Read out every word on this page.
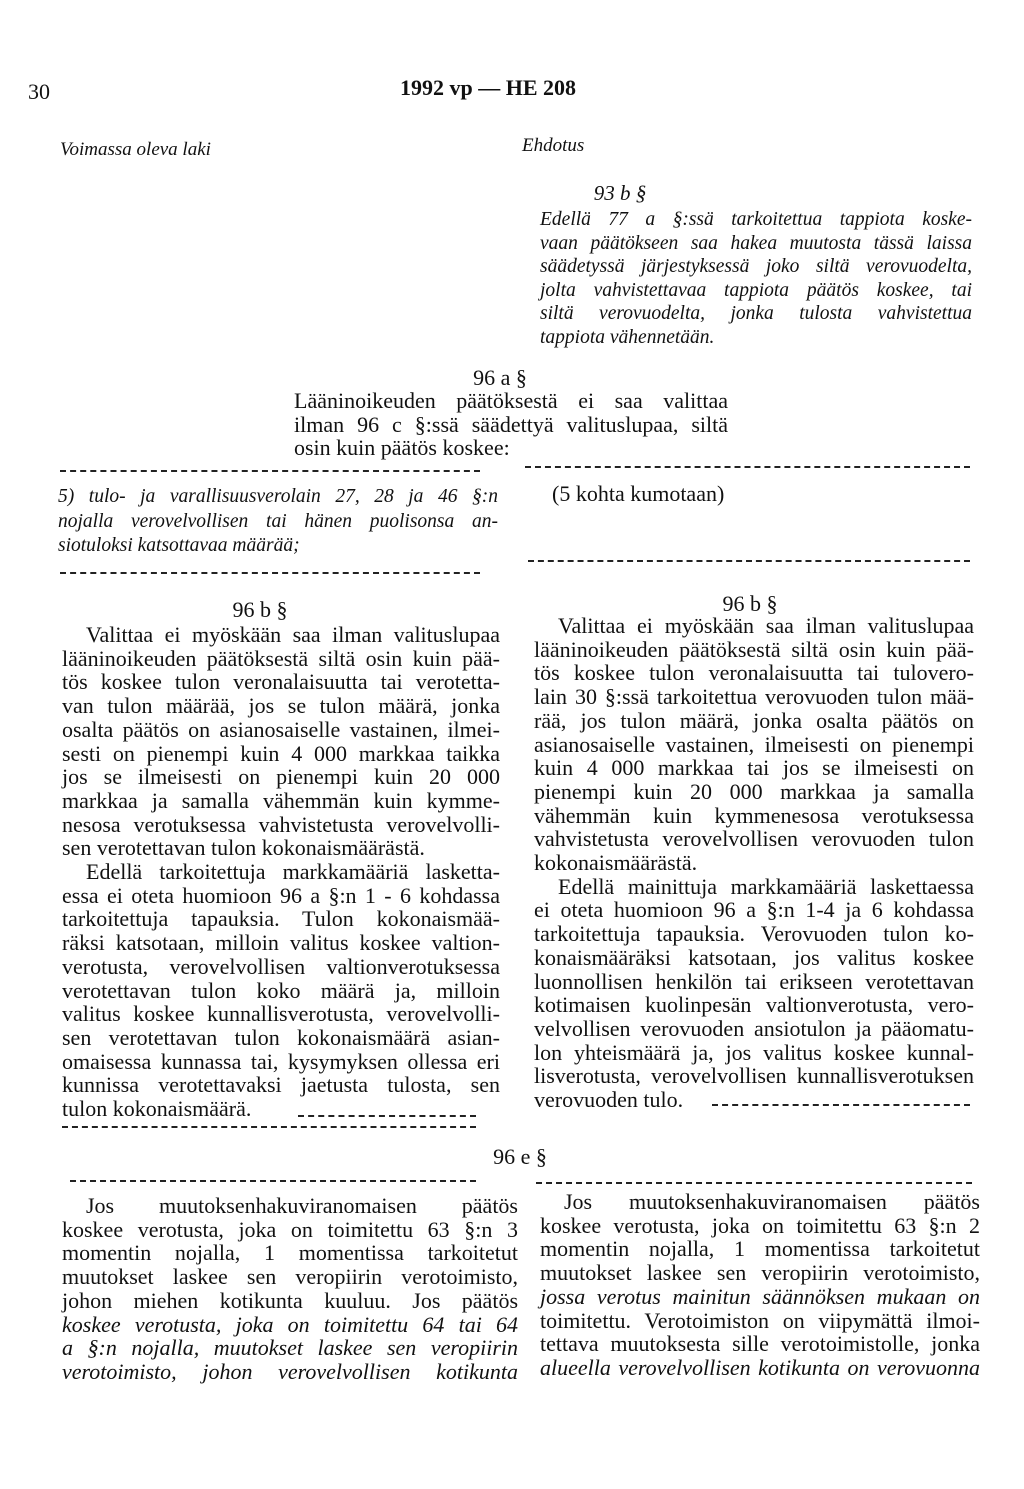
30	1992 vp — HE 208
Voimassa oleva laki	Ehdotus
93 b §
Edellä 77 a §:ssä tarkoitettua tappiota koske-
vaan päätökseen saa hakea muutosta tässä laissa
säädetyssä järjestyksessä joko siltä verovuodelta,
jolta vahvistettavaa tappiota päätös koskee, tai
siltä verovuodelta, jonka tulosta vahvistettua
tappiota vähennetään.
96 a §
Lääninoikeuden päätöksestä ei saa valittaa
ilman 96 c §:ssä säädettyä valituslupaa, siltä
osin kuin päätös koskee:
5) tulo- ja varallisuusverolain 27, 28 ja 46 §:n
nojalla verovelvollisen tai hänen puolisonsa an-
siotuloksi katsottavaa määrää;
(5 kohta kumotaan)
96 b §
Valittaa ei myöskään saa ilman valituslupaa
lääninoikeuden päätöksestä siltä osin kuin pää-
tös koskee tulon veronalaisuutta tai verotetta-
van tulon määrää, jos se tulon määrä, jonka
osalta päätös on asianosaiselle vastainen, ilmei-
sesti on pienempi kuin 4 000 markkaa taikka
jos se ilmeisesti on pienempi kuin 20 000
markkaa ja samalla vähemmän kuin kymme-
nesosa verotuksessa vahvistetusta verovelvolli-
sen verotettavan tulon kokonaismäärästä.
Edellä tarkoitettuja markkamääriä lasketta-
essa ei oteta huomioon 96 a §:n 1 - 6 kohdassa
tarkoitettuja tapauksia. Tulon kokonaismää-
räksi katsotaan, milloin valitus koskee valtion-
verotusta, verovelvollisen valtionverotuksessa
verotettavan tulon koko määrä ja, milloin
valitus koskee kunnallisverotusta, verovelvolli-
sen verotettavan tulon kokonaismäärä asian-
omaisessa kunnassa tai, kysymyksen ollessa eri
kunnissa verotettavaksi jaetusta tulosta, sen
tulon kokonaismäärä.
96 b §
Valittaa ei myöskään saa ilman valituslupaa
lääninoikeuden päätöksestä siltä osin kuin pää-
tös koskee tulon veronalaisuutta tai tuloverо-
lain 30 §:ssä tarkoitettua verovuoden tulon mää-
rää, jos tulon määrä, jonka osalta päätös on
asianosaiselle vastainen, ilmeisesti on pienempi
kuin 4 000 markkaa tai jos se ilmeisesti on
pienempi kuin 20 000 markkaa ja samalla
vähemmän kuin kymmenesosa verotuksessa
vahvistetusta verovelvollisen verovuoden tulon
kokonaismäärästä.
Edellä mainittuja markkamääriä laskettaessa
ei oteta huomioon 96 a §:n 1-4 ja 6 kohdassa
tarkoitettuja tapauksia. Verovuoden tulon ko-
konaismääräksi katsotaan, jos valitus koskee
luonnollisen henkilön tai erikseen verotettavan
kotimaisen kuolinpesän valtionverotusta, vero-
velvollisen verovuoden ansiotulon ja pääomatu-
lon yhteismäärä ja, jos valitus koskee kunnal-
lisverotusta, verovelvollisen kunnallisverotuksen
verovuoden tulo.
96 e §
Jos muutoksenhakuviranomaisen päätös
koskee verotusta, joka on toimitettu 63 §:n 3
momentin nojalla, 1 momentissa tarkoitetut
muutokset laskee sen veropiirin verotoimisto,
johon miehen kotikunta kuuluu. Jos päätös
koskee verotusta, joka on toimitettu 64 tai 64
a §:n nojalla, muutokset laskee sen veropiirin
verotoimisto, johon verovelvollisen kotikunta
Jos muutoksenhakuviranomaisen päätös
koskee verotusta, joka on toimitettu 63 §:n 2
momentin nojalla, 1 momentissa tarkoitetut
muutokset laskee sen veropiirin verotoimisto,
jossa verotus mainitun säännöksen mukaan on
toimitettu. Verotoimiston on viipymättä ilmoi-
tettava muutoksesta sille verotoimistolle, jonka
alueella verovelvollisen kotikunta on verovuonna
